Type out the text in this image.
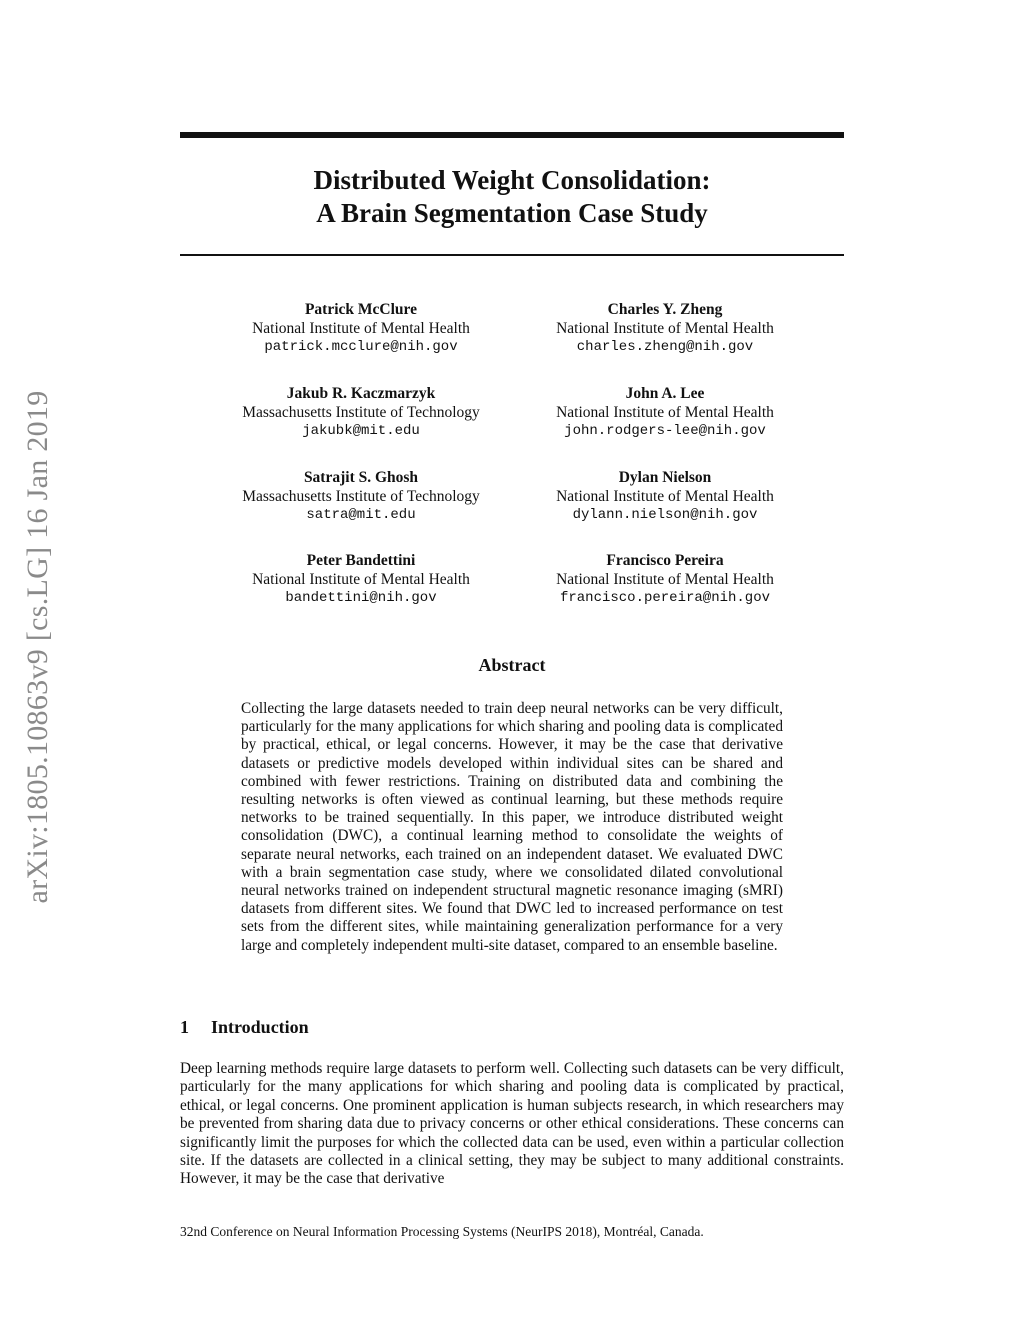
arXiv:1805.10863v9 [cs.LG] 16 Jan 2019
Distributed Weight Consolidation:
A Brain Segmentation Case Study
Patrick McClure
National Institute of Mental Health
patrick.mcclure@nih.gov
Charles Y. Zheng
National Institute of Mental Health
charles.zheng@nih.gov
Jakub R. Kaczmarzyk
Massachusetts Institute of Technology
jakubk@mit.edu
John A. Lee
National Institute of Mental Health
john.rodgers-lee@nih.gov
Satrajit S. Ghosh
Massachusetts Institute of Technology
satra@mit.edu
Dylan Nielson
National Institute of Mental Health
dylann.nielson@nih.gov
Peter Bandettini
National Institute of Mental Health
bandettini@nih.gov
Francisco Pereira
National Institute of Mental Health
francisco.pereira@nih.gov
Abstract

Collecting the large datasets needed to train deep neural networks can be very difficult, particularly for the many applications for which sharing and pooling data is complicated by practical, ethical, or legal concerns. However, it may be the case that derivative datasets or predictive models developed within individual sites can be shared and combined with fewer restrictions. Training on distributed data and combining the resulting networks is often viewed as continual learning, but these methods require networks to be trained sequentially. In this paper, we introduce distributed weight consolidation (DWC), a continual learning method to consolidate the weights of separate neural networks, each trained on an independent dataset. We evaluated DWC with a brain segmentation case study, where we consolidated dilated convolutional neural networks trained on independent structural magnetic resonance imaging (sMRI) datasets from different sites. We found that DWC led to increased performance on test sets from the different sites, while maintaining generalization performance for a very large and completely independent multi-site dataset, compared to an ensemble baseline.

1 Introduction

Deep learning methods require large datasets to perform well. Collecting such datasets can be very difficult, particularly for the many applications for which sharing and pooling data is complicated by practical, ethical, or legal concerns. One prominent application is human subjects research, in which researchers may be prevented from sharing data due to privacy concerns or other ethical considerations. These concerns can significantly limit the purposes for which the collected data can be used, even within a particular collection site. If the datasets are collected in a clinical setting, they may be subject to many additional constraints. However, it may be the case that derivative

32nd Conference on Neural Information Processing Systems (NeurIPS 2018), Montréal, Canada.
